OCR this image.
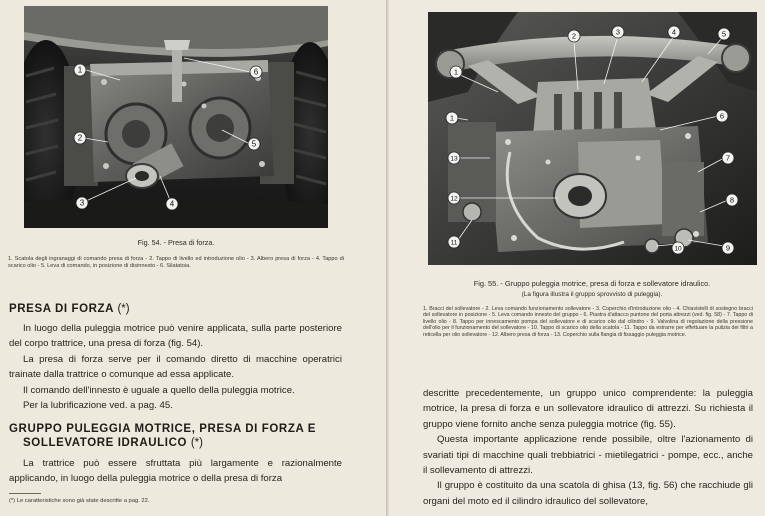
1
2
3	4
5
6
Fig. 54. - Presa di forza.
1. Scatola degli ingranaggi di comando presa di forza - 2. Tappo di livello ed introduzione olio - 3. Albero presa di forza - 4. Tappo di scarico olio - 5. Leva di comando, in posizione di disinnesto - 6. Silatatoia.
PRESA DI FORZA (*)

In luogo della puleggia motrice può venire applicata, sulla parte posteriore del corpo trattrice, una presa di forza (fig. 54).

La presa di forza serve per il comando diretto di macchine operatrici trainate dalla trattrice o comunque ad essa applicate.

Il comando dell'innesto è uguale a quello della puleggia motrice.

Per la lubrificazione ved. a pag. 45.

GRUPPO PULEGGIA MOTRICE, PRESA DI FORZA E
SOLLEVATORE IDRAULICO (*)

La trattrice può essere sfruttata più largamente e razionalmente applicando, in luogo della puleggia motrice o della presa di forza

(*) Le caratteristiche sono già state descritte a pag. 22.
1
2	3	4	5
6
7
8
9
10
11
12
13
1
Fig. 55. - Gruppo puleggia motrice, presa di forza e sollevatore idraulico.
(La figura illustra il gruppo sprovvisto di puleggia).
1. Bracci del sollevatore - 2. Leva comando funzionamento sollevatore - 3. Coperchio d'introduzione olio - 4. Chiavistelli di sostegno bracci del sollevatore in posizione - 5. Leva comando innesto del gruppo - 6. Piastra d'attacco puntone del porta attrezzi (ved. fig. 58) - 7. Tappo di livello olio - 8. Tappo per innescamento pompa del sollevatore e di scarico olio dal cilindro - 9. Valvolina di regolazione della pressione dell'olio per il funzionamento del sollevatore - 10. Tappo di scarico olio della scatola - 11. Tappo da estrarre per effettuare la pulizia dei filtri a reticella per olio sollevatore - 12. Albero presa di forza - 13. Coperchio sulla flangia di fissaggio puleggia motrice.

descritte precedentemente, un gruppo unico comprendente: la puleggia motrice, la presa di forza e un sollevatore idraulico di attrezzi. Su richiesta il gruppo viene fornito anche senza puleggia motrice (fig. 55).

Questa importante applicazione rende possibile, oltre l'azionamento di svariati tipi di macchine quali trebbiatrici - mietilegatrici - pompe, ecc., anche il sollevamento di attrezzi.

Il gruppo è costituito da una scatola di ghisa (13, fig. 56) che racchiude gli organi del moto ed il cilindro idraulico del sollevatore,
